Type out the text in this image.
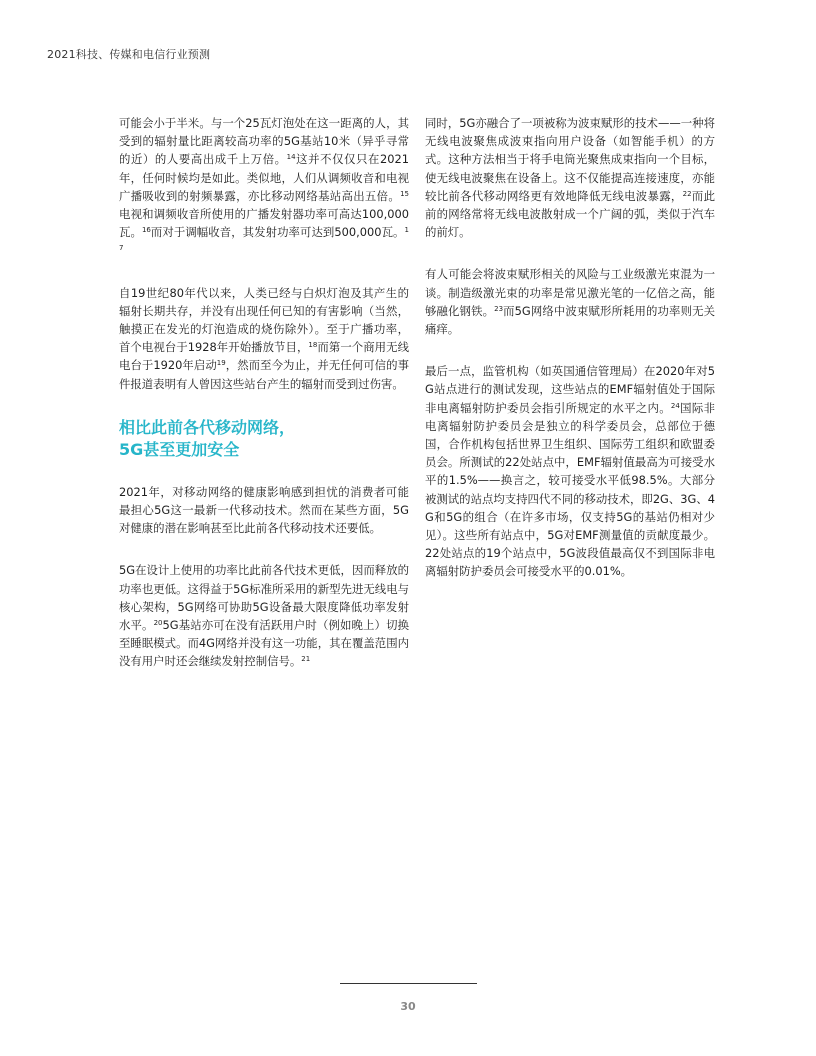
2021科技、传媒和电信行业预测

可能会小于半米。与一个25瓦灯泡处在这一距离的人，其受到的辐射量比距离较高功率的5G基站10米（异乎寻常的近）的人要高出成千上万倍。$^{14}$这并不仅仅只在2021年，任何时候均是如此。类似地，人们从调频收音和电视广播吸收到的射频暴露，亦比移动网络基站高出五倍。$^{15}$电视和调频收音所使用的广播发射器功率可高达100,000瓦。$^{16}$而对于调幅收音，其发射功率可达到500,000瓦。$^{17}$

自19世纪80年代以来，人类已经与白炽灯泡及其产生的辐射长期共存，并没有出现任何已知的有害影响（当然，触摸正在发光的灯泡造成的烧伤除外）。至于广播功率，首个电视台于1928年开始播放节目，$^{18}$而第一个商用无线电台于1920年启动$^{19}$，然而至今为止，并无任何可信的事件报道表明有人曾因这些站台产生的辐射而受到过伤害。

相比此前各代移动网络，
5G甚至更加安全

2021年，对移动网络的健康影响感到担忧的消费者可能最担心5G这一最新一代移动技术。然而在某些方面，5G对健康的潜在影响甚至比此前各代移动技术还要低。

5G在设计上使用的功率比此前各代技术更低，因而释放的功率也更低。这得益于5G标准所采用的新型先进无线电与核心架构，5G网络可协助5G设备最大限度降低功率发射水平。$^{20}$5G基站亦可在没有活跃用户时（例如晚上）切换至睡眠模式。而4G网络并没有这一功能，其在覆盖范围内没有用户时还会继续发射控制信号。$^{21}$

同时，5G亦融合了一项被称为波束赋形的技术——一种将无线电波聚焦成波束指向用户设备（如智能手机）的方式。这种方法相当于将手电筒光聚焦成束指向一个目标，使无线电波聚焦在设备上。这不仅能提高连接速度，亦能较比前各代移动网络更有效地降低无线电波暴露，$^{22}$而此前的网络常将无线电波散射成一个广阔的弧，类似于汽车的前灯。

有人可能会将波束赋形相关的风险与工业级激光束混为一谈。制造级激光束的功率是常见激光笔的一亿倍之高，能够融化钢铁。$^{23}$而5G网络中波束赋形所耗用的功率则无关痛痒。

最后一点，监管机构（如英国通信管理局）在2020年对5G站点进行的测试发现，这些站点的EMF辐射值处于国际非电离辐射防护委员会指引所规定的水平之内。$^{24}$国际非电离辐射防护委员会是独立的科学委员会，总部位于德国，合作机构包括世界卫生组织、国际劳工组织和欧盟委员会。所测试的22处站点中，EMF辐射值最高为可接受水平的1.5%——换言之，较可接受水平低98.5%。大部分被测试的站点均支持四代不同的移动技术，即2G、3G、4G和5G的组合（在许多市场，仅支持5G的基站仍相对少见）。这些所有站点中，5G对EMF测量值的贡献度最少。22处站点的19个站点中，5G波段值最高仅不到国际非电离辐射防护委员会可接受水平的0.01%。

30
